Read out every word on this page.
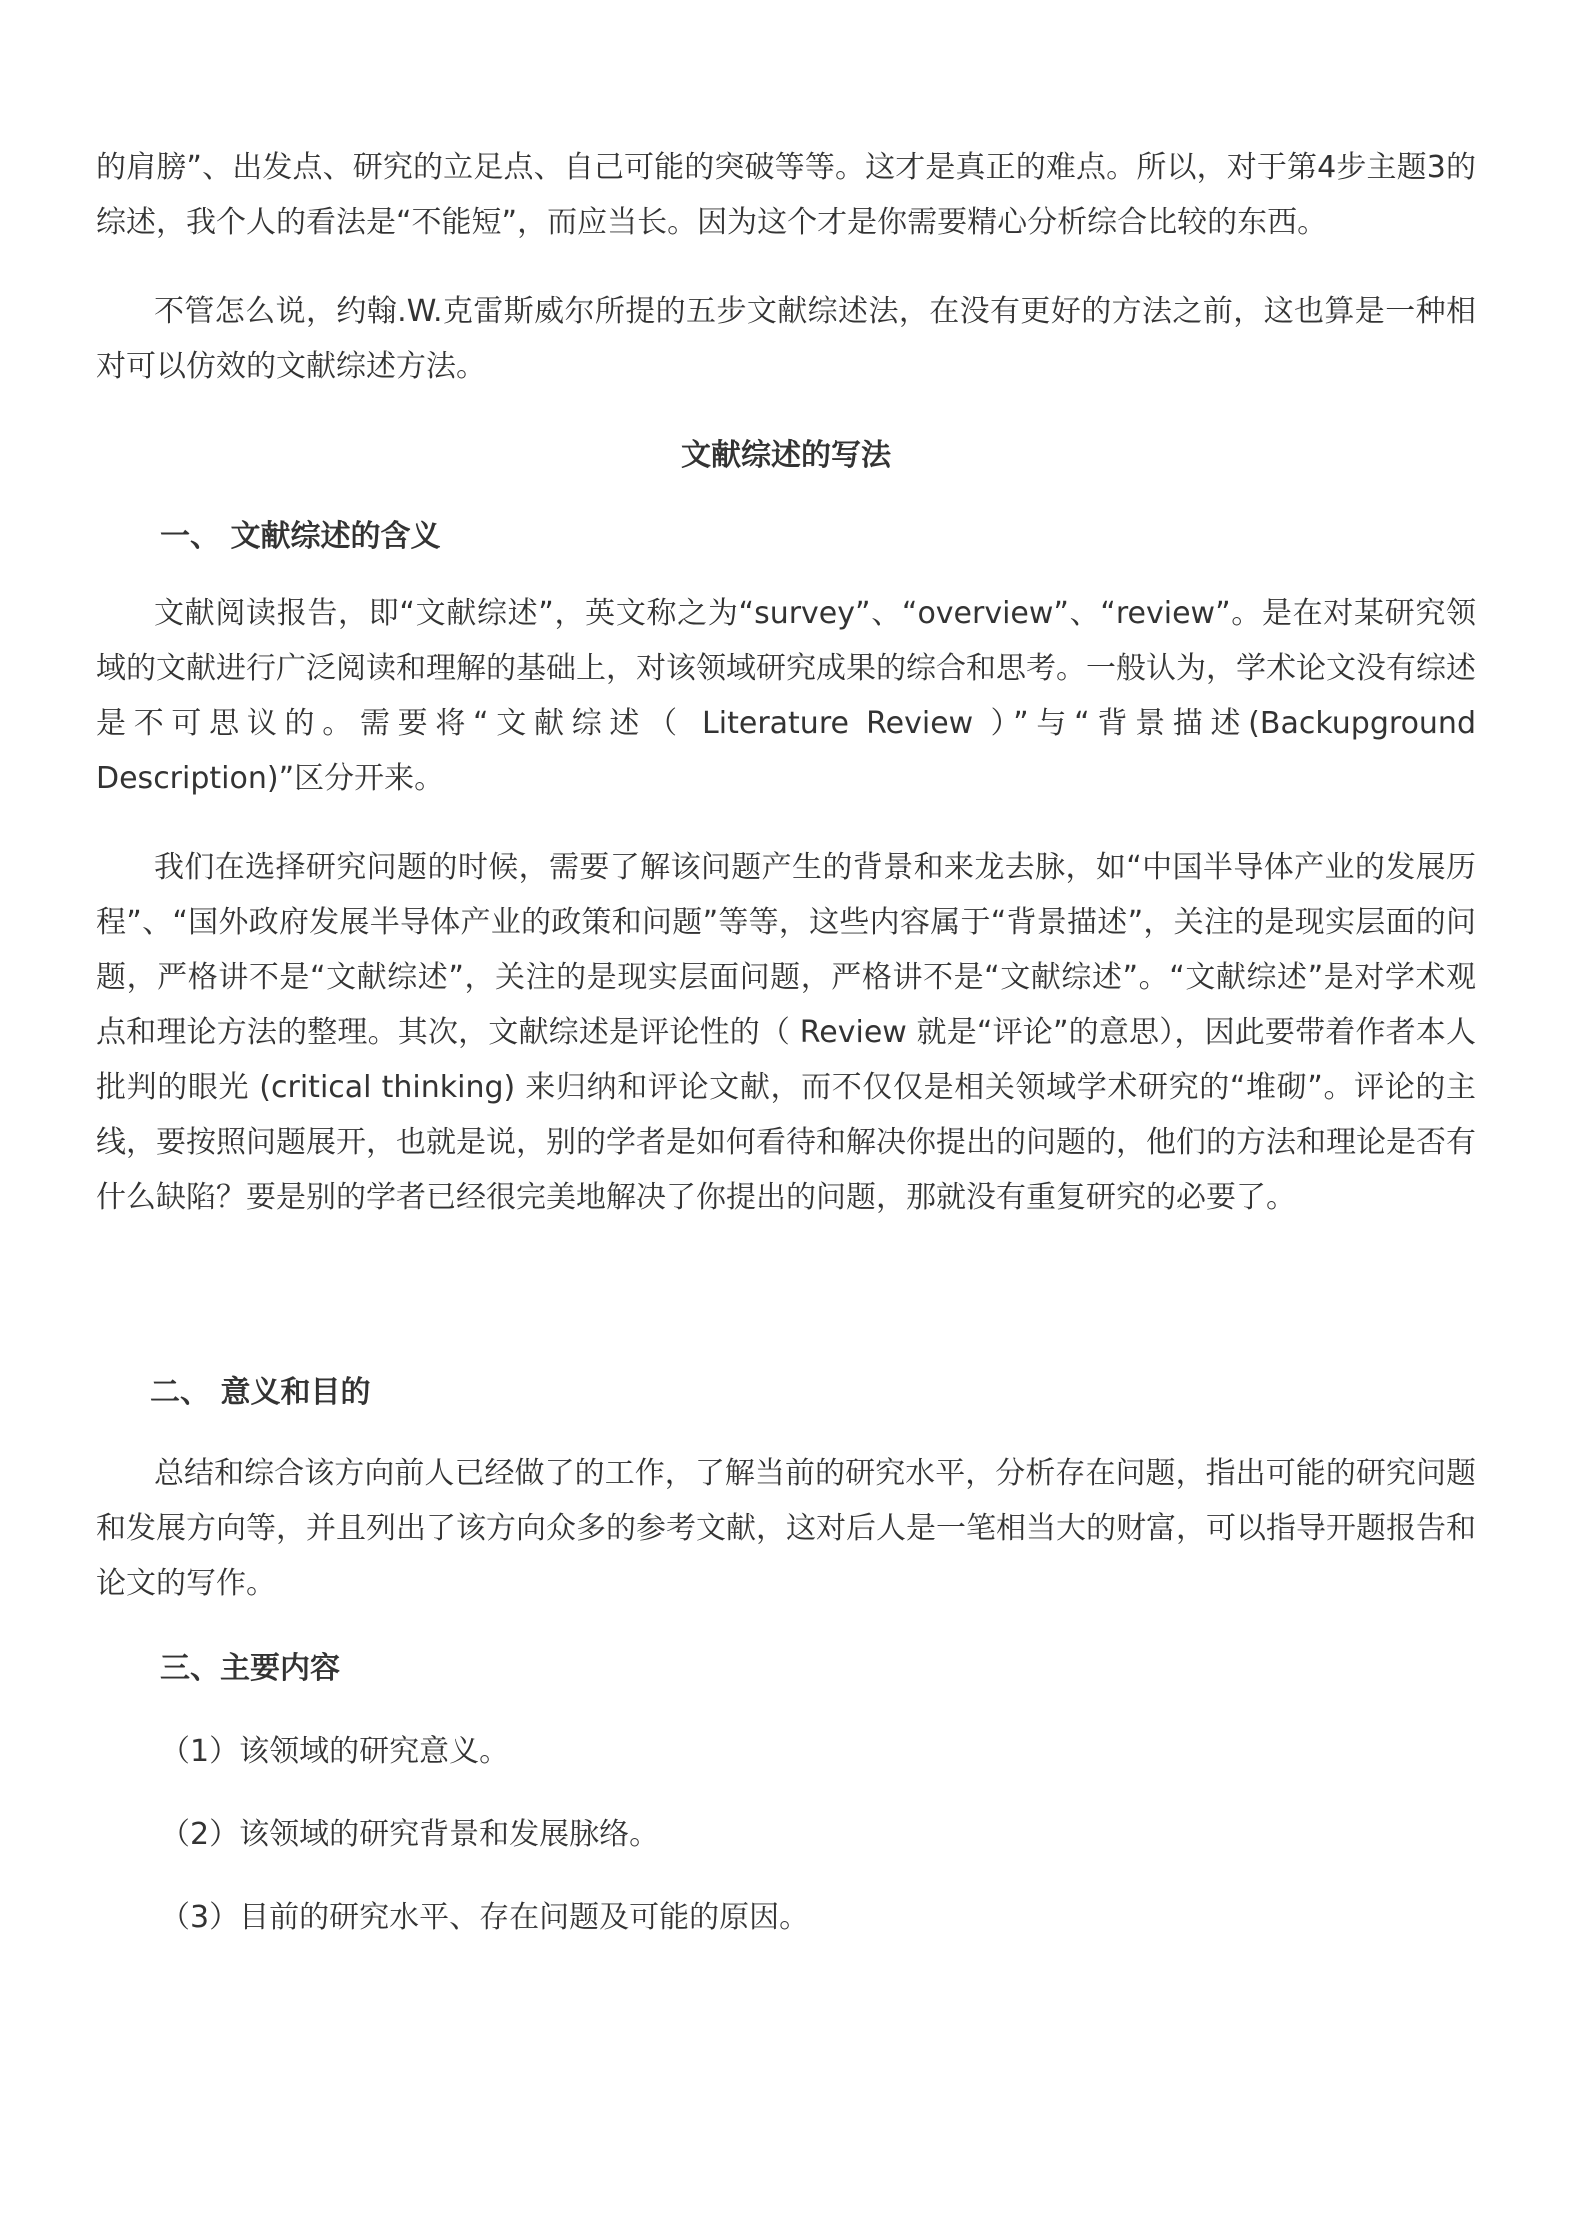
的肩膀”、出发点、研究的立足点、自己可能的突破等等。这才是真正的难点。所以，对于第4步主题3的综述，我个人的看法是“不能短”，而应当长。因为这个才是你需要精心分析综合比较的东西。

不管怎么说，约翰.W.克雷斯威尔所提的五步文献综述法，在没有更好的方法之前，这也算是一种相对可以仿效的文献综述方法。

文献综述的写法
一、 文献综述的含义

文献阅读报告，即“文献综述”，英文称之为“survey”、“overview”、“review”。是在对某研究领域的文献进行广泛阅读和理解的基础上，对该领域研究成果的综合和思考。一般认为，学术论文没有综述是不可思议的。需要将“文献综述（ Literature Review ）”与“背景描述(Backupground Description)”区分开来。

我们在选择研究问题的时候，需要了解该问题产生的背景和来龙去脉，如“中国半导体产业的发展历程”、“国外政府发展半导体产业的政策和问题”等等，这些内容属于“背景描述”，关注的是现实层面的问题，严格讲不是“文献综述”，关注的是现实层面问题，严格讲不是“文献综述”。“文献综述”是对学术观点和理论方法的整理。其次，文献综述是评论性的（ Review 就是“评论”的意思），因此要带着作者本人批判的眼光 (critical thinking) 来归纳和评论文献，而不仅仅是相关领域学术研究的“堆砌”。评论的主线，要按照问题展开，也就是说，别的学者是如何看待和解决你提出的问题的，他们的方法和理论是否有什么缺陷？要是别的学者已经很完美地解决了你提出的问题，那就没有重复研究的必要了。

二、 意义和目的

总结和综合该方向前人已经做了的工作，了解当前的研究水平，分析存在问题，指出可能的研究问题和发展方向等，并且列出了该方向众多的参考文献，这对后人是一笔相当大的财富，可以指导开题报告和论文的写作。

三、主要内容
（1）该领域的研究意义。
（2）该领域的研究背景和发展脉络。
（3）目前的研究水平、存在问题及可能的原因。
